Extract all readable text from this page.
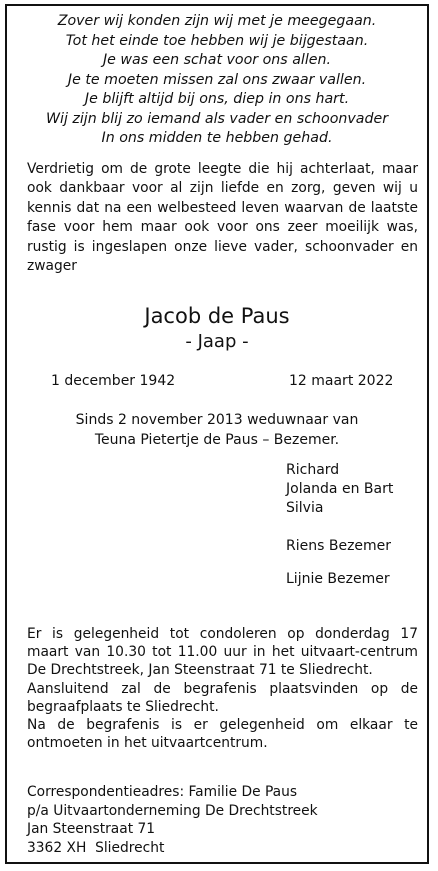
Zover wij konden zijn wij met je meegegaan.
Tot het einde toe hebben wij je bijgestaan.
Je was een schat voor ons allen.
Je te moeten missen zal ons zwaar vallen.
Je blijft altijd bij ons, diep in ons hart.
Wij zijn blij zo iemand als vader en schoonvader
In ons midden te hebben gehad.
Verdrietig om de grote leegte die hij achterlaat, maar ook dankbaar voor al zijn liefde en zorg, geven wij u kennis dat na een welbesteed leven waarvan de laatste fase voor hem maar ook voor ons zeer moeilijk was, rustig is ingeslapen onze lieve vader, schoonvader en zwager
Jacob de Paus
- Jaap -
1 december 1942	12 maart 2022
Sinds 2 november 2013 weduwnaar van
Teuna Pietertje de Paus – Bezemer.
Richard
Jolanda en Bart
Silvia
Riens Bezemer
Lijnie Bezemer

Er is gelegenheid tot condoleren op donderdag 17 maart van 10.30 tot 11.00 uur in het uitvaart-centrum De Drechtstreek, Jan Steenstraat 71 te Sliedrecht.

Aansluitend zal de begrafenis plaatsvinden op de begraafplaats te Sliedrecht.

Na de begrafenis is er gelegenheid om elkaar te ontmoeten in het uitvaartcentrum.

Correspondentieadres: Familie De Paus
p/a Uitvaartonderneming De Drechtstreek
Jan Steenstraat 71
3362 XH  Sliedrecht
